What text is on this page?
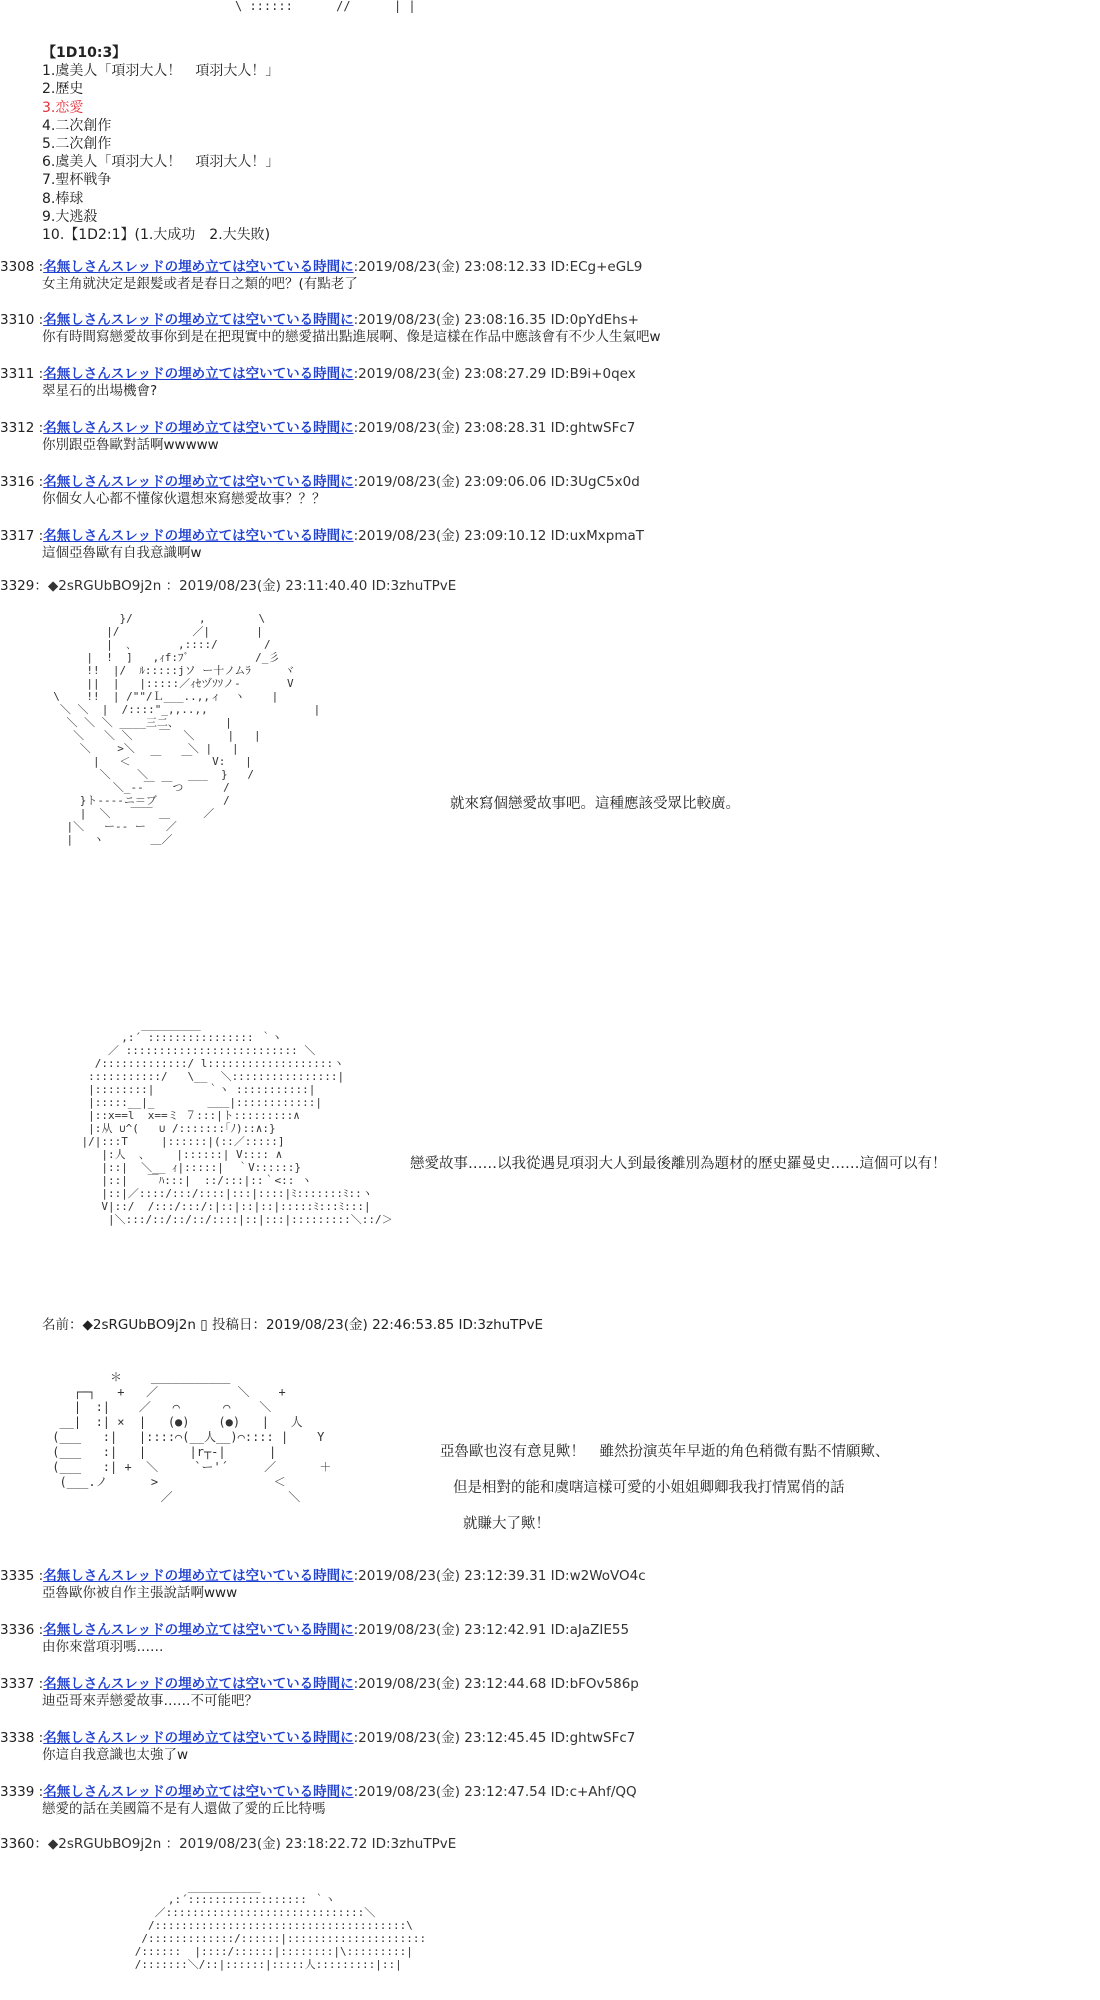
\ ::::::      //      | |
【1D10:3】
1.虞美人「項羽大人！　項羽大人！」
2.歷史
3.恋愛
4.二次創作
5.二次創作
6.虞美人「項羽大人！　項羽大人！」
7.聖杯戦争
8.棒球
9.大逃殺
10.【1D2:1】(1.大成功　2.大失敗)
3308 :名無しさんスレッドの埋め立ては空いている時間に:2019/08/23(金) 23:08:12.33 ID:ECg+eGL9
女主角就決定是銀髪或者是春日之類的吧？(有點老了
3310 :名無しさんスレッドの埋め立ては空いている時間に:2019/08/23(金) 23:08:16.35 ID:0pYdEhs+
你有時間寫戀愛故事你到是在把現實中的戀愛描出點進展啊、像是這樣在作品中應該會有不少人生氣吧w
3311 :名無しさんスレッドの埋め立ては空いている時間に:2019/08/23(金) 23:08:27.29 ID:B9i+0qex
翠星石的出場機會?
3312 :名無しさんスレッドの埋め立ては空いている時間に:2019/08/23(金) 23:08:28.31 ID:ghtwSFc7
你別跟亞魯歐對話啊wwwww
3316 :名無しさんスレッドの埋め立ては空いている時間に:2019/08/23(金) 23:09:06.06 ID:3UgC5x0d
你個女人心都不懂傢伙還想來寫戀愛故事？？？
3317 :名無しさんスレッドの埋め立ては空いている時間に:2019/08/23(金) 23:09:10.12 ID:uxMxpmaT
這個亞魯歐有自我意識啊w
3329：◆2sRGUbBO9j2n ：2019/08/23(金) 23:11:40.40 ID:3zhuTPvE
}/          ,        \
|/           ／|       |
|  ､       ,::::/       /
|  !  ]   ,ｨf:ﾌﾞ          /_彡
!!  |/  ﾙ:::::jソ ー十ノムﾗ     ヾ
||  |   |:::::／ｨｾヅｿｿノ-       V
\    !!  | /""/Ｌ___..,,ィ  ヽ    |
＼ ＼  |  /::::"_,,..,,                |
＼ ＼ ＼ ____三二、       |
＼   ＼ ＼    ￣  ＼     |   |
＼    >＼        ＼ |   |
|   ＜   ￣   ￣   V:   |
＼    ＼      ___  }   /
＼_--￣ ￣つ      /
}ト----ニ＝ブ          /
|  ＼   ￣￣ ＿     ／
|＼   ー-- ー   ／
|   ヽ       ＿／
就來寫個戀愛故事吧。這種應該受眾比較廣。
_________
,:´ :::::::::::::::: ｀ヽ
／ :::::::::::::::::::::::::: ＼
/:::::::::::::/ l:::::::::::::::::::ヽ
:::::::::::/   \__  ＼::::::::::::::::|
|::::::::|        ｀ヽ :::::::::::|
|:::::__|_        ＿＿|::::::::::::|
|::x==l  x==ミ ７:::|ト:::::::::∧
|:从 ∪^(   ∪ /:::::::｢ﾉ)::∧:}
|/|:::T     |::::::|(::／:::::]
|:人  、    |::::::| V:::: ∧
|::|  ＼__ ｨ|:::::|  ｀V::::::}
|::|   ￣ﾊ:::|  ::/:::|::｀<:: ヽ
|::|／::::/:::/::::|:::|::::|ﾐ:::::::ﾐ::ヽ
V|::/  /:::/:::/:|::|::|::|:::::ﾐ:::ﾐ:::|
|＼:::/::/::/::/::::|::|:::|:::::::::＼::/＞
戀愛故事……以我從遇見項羽大人到最後離別為題材的歷史羅曼史……這個可以有！
名前：◆2sRGUbBO9j2n ▯ 投稿日：2019/08/23(金) 22:46:53.85 ID:3zhuTPvE
＊    ___________
┌─┐   +   ／           ＼    +
|  :|    ／   ⌒      ⌒    ＼
__|  :| ×  |   (●)    (●)   |   人
(___   :|   |::::⌒(__人__)⌒:::: |    Y
(___   :|   |      |r┬-|      |
(___   :| +  ＼     `ー'´     ／      ＋
(___.ノ      >                ＜
／                ＼
亞魯歐也沒有意見歟！　雖然扮演英年早逝的角色稍微有點不情願歟、
但是相對的能和虞嗐這樣可愛的小姐姐卿卿我我打情罵俏的話
就賺大了歟！
3335 :名無しさんスレッドの埋め立ては空いている時間に:2019/08/23(金) 23:12:39.31 ID:w2WoVO4c
亞魯歐你被自作主張說話啊www
3336 :名無しさんスレッドの埋め立ては空いている時間に:2019/08/23(金) 23:12:42.91 ID:aJaZIE55
由你來當項羽嗎……
3337 :名無しさんスレッドの埋め立ては空いている時間に:2019/08/23(金) 23:12:44.68 ID:bFOv586p
迪亞哥來弄戀愛故事……不可能吧？
3338 :名無しさんスレッドの埋め立ては空いている時間に:2019/08/23(金) 23:12:45.45 ID:ghtwSFc7
你這自我意識也太強了w
3339 :名無しさんスレッドの埋め立ては空いている時間に:2019/08/23(金) 23:12:47.54 ID:c+Ahf/QQ
戀愛的話在美國篇不是有人還做了愛的丘比特嗎
3360：◆2sRGUbBO9j2n ：2019/08/23(金) 23:18:22.72 ID:3zhuTPvE
___________
,:´:::::::::::::::::: ｀ヽ
／::::::::::::::::::::::::::::::＼
/::::::::::::::::::::::::::::::::::::::\
/:::::::::::::/::::::|:::::::::::::::::::::
/::::::  |::::/::::::|::::::::|\:::::::::|
/:::::::＼/::|::::::|:::::人:::::::::|::|
